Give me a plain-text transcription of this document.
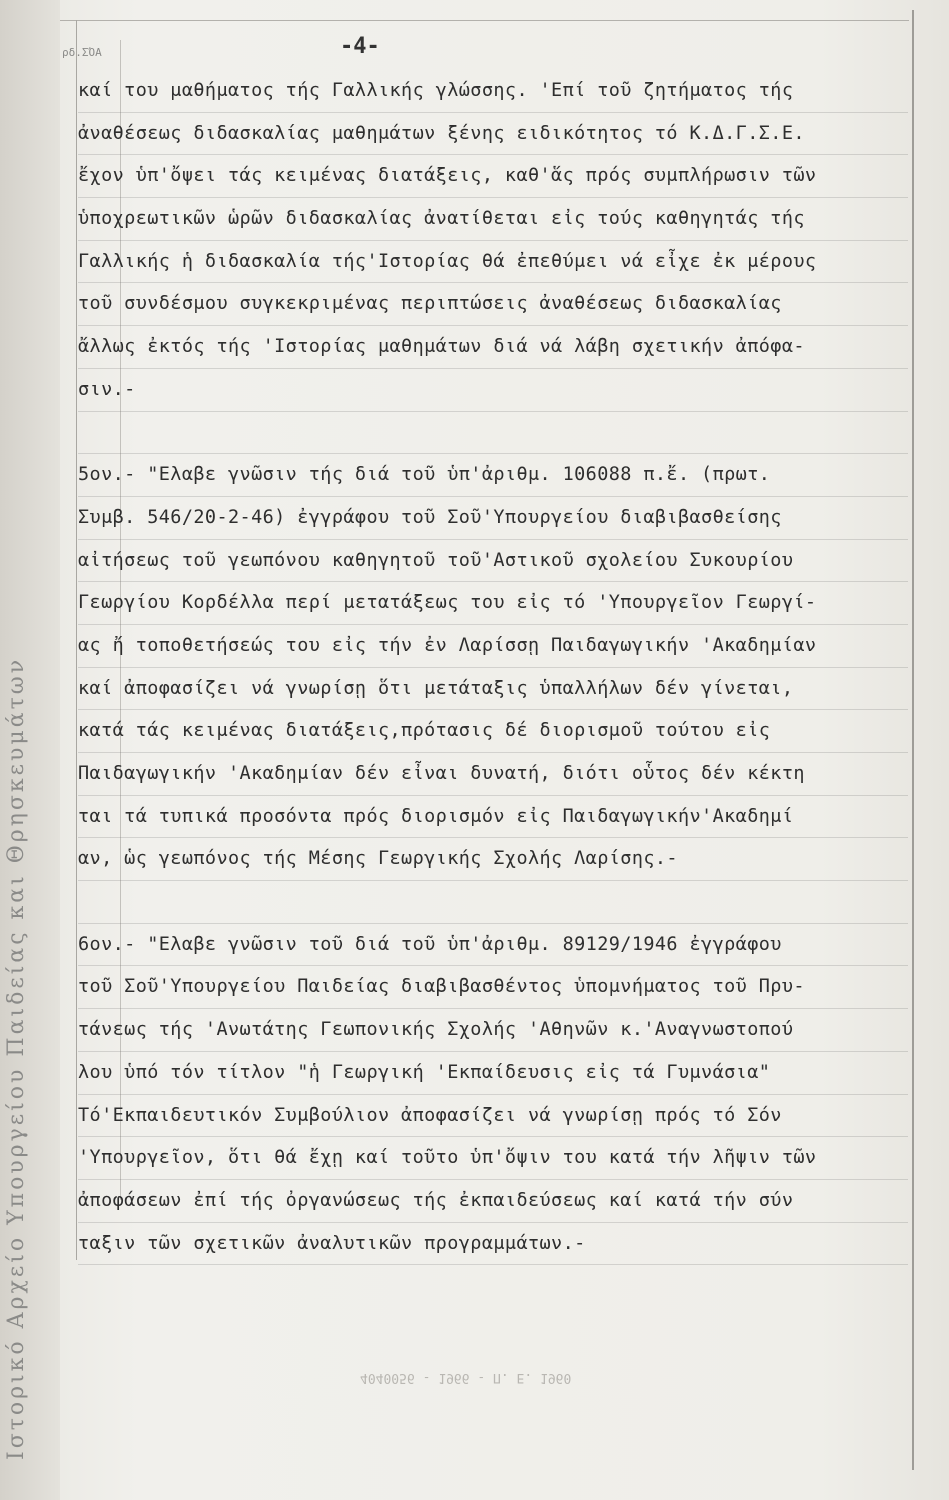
Ιστορικό Αρχείο Υπουργείου Παιδείας και Θρησκευμάτων
ρδ.ΣΌΑ	-4-
καί του μαθήματος τής Γαλλικής γλώσσης. 'Επί τοῦ ζητήματος τής
ἀναθέσεως διδασκαλίας μαθημάτων ξένης ειδικότητος τό Κ.Δ.Γ.Σ.Ε.
ἔχον ὑπ'ὄψει τάς κειμένας διατάξεις, καθ'ἅς πρός συμπλήρωσιν τῶν
ὑποχρεωτικῶν ὡρῶν διδασκαλίας ἀνατίθεται εἰς τούς καθηγητάς τής
Γαλλικής ἡ διδασκαλία τής'Ιστορίας θά ἐπεθύμει νά εἶχε ἐκ μέρους
τοῦ συνδέσμου συγκεκριμένας περιπτώσεις ἀναθέσεως διδασκαλίας
ἄλλως ἐκτός τής 'Ιστορίας μαθημάτων διά νά λάβη σχετικήν ἀπόφα-
σιν.-
5ον.- "Ελαβε γνῶσιν τής διά τοῦ ὑπ'ἀριθμ. 106088 π.ἔ. (πρωτ.
Συμβ. 546/20-2-46) ἐγγράφου τοῦ Σοῦ'Υπουργείου διαβιβασθείσης
αἰτήσεως τοῦ γεωπόνου καθηγητοῦ τοῦ'Αστικοῦ σχολείου Συκουρίου
Γεωργίου Κορδέλλα περί μετατάξεως του εἰς τό 'Υπουργεῖον Γεωργί-
ας ἤ τοποθετήσεώς του εἰς τήν ἐν Λαρίσσῃ Παιδαγωγικήν 'Ακαδημίαν
καί ἀποφασίζει νά γνωρίσῃ ὅτι μετάταξις ὑπαλλήλων δέν γίνεται,
κατά τάς κειμένας διατάξεις,πρότασις δέ διορισμοῦ τούτου εἰς
Παιδαγωγικήν 'Ακαδημίαν δέν εἶναι δυνατή, διότι οὗτος δέν κέκτη
ται τά τυπικά προσόντα πρός διορισμόν εἰς Παιδαγωγικήν'Ακαδημί
αν, ὡς γεωπόνος τής Μέσης Γεωργικής Σχολής Λαρίσης.-
6ον.- "Ελαβε γνῶσιν τοῦ διά τοῦ ὑπ'ἀριθμ. 89129/1946 ἐγγράφου
τοῦ Σοῦ'Υπουργείου Παιδείας διαβιβασθέντος ὑπομνήματος τοῦ Πρυ-
τάνεως τής 'Ανωτάτης Γεωπονικής Σχολής 'Αθηνῶν κ.'Αναγνωστοπού
λου ὑπό τόν τίτλον "ἡ Γεωργική 'Εκπαίδευσις εἰς τά Γυμνάσια"
Τό'Εκπαιδευτικόν Συμβούλιον ἀποφασίζει νά γνωρίσῃ πρός τό Σόν
'Υπουργεῖον, ὅτι θά ἔχῃ καί τοῦτο ὑπ'ὄψιν του κατά τήν λῆψιν τῶν
ἀποφάσεων ἐπί τής ὀργανώσεως τής ἐκπαιδεύσεως καί κατά τήν σύν
ταξιν τῶν σχετικῶν ἀναλυτικῶν προγραμμάτων.-
4040056 - 1966 - Π. Ε. 1960
